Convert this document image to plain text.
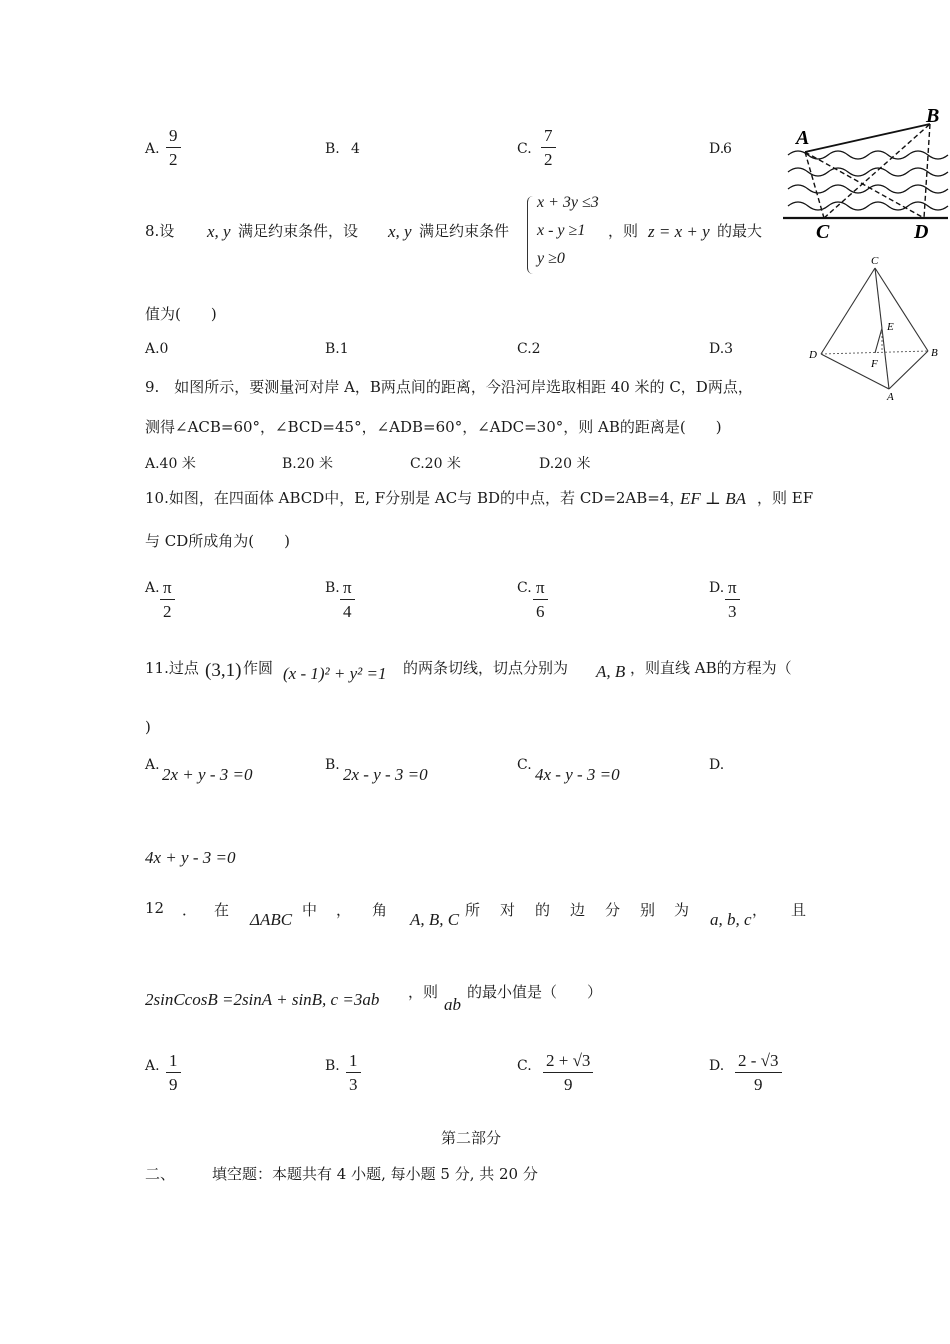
A. $\frac{9}{2}$	B. 4	C. $\frac{7}{2}$	D.
6
8.设 x, y 满足约束条件，设 x, y 满足约束条件
x + 3y ≤3
x - y ≥1
y ≥0
，则 z = x + y 的最大
值为(　　)
A.0	B.1	C.2	D.3
9.　如图所示，要测量河对岸 A，B两点间的距离，今沿河岸选取相距 40 米的 C，D两点，
测得∠ACB=60°，∠BCD=45°，∠ADB=60°，∠ADC=30°，则 AB的距离是(　　)
A.40 米	B.20 米	C.20 米	D.20 米
10.如图，在四面体 ABCD中，E, F分别是 AC与 BD的中点，若 CD=2AB=4，
EF ⊥ BA ，则 EF
与 CD所成角为(　　)
A. $\frac{\pi}{2}$	B. $\frac{\pi}{4}$	C. $\frac{\pi}{6}$	D. $\frac{\pi}{3}$
11.过点 (3,1) 作圆 (x - 1)² + y² =1 的两条切线，切点分别为 A, B ，则直线 AB的方程为（
)
A. 2x + y - 3 =0	B. 2x - y - 3 =0	C. 4x - y - 3 =0	D.
4x + y - 3 =0
12 ． 在 ΔABC 中 ， 角 A, B, C 所 对 的 边 分 别 为 a, b, c ， 且
2sinCcosB =2sinA + sinB, c =3ab ，则
ab
的最小值是（　　）
A. $\frac{1}{9}$	B. $\frac{1}{3}$	C. $\frac{2 + √3}{9}$	D. $\frac{2 - √3}{9}$
第二部分
二、 填空题：本题共有 4 小题, 每小题 5 分, 共 20 分
A
B
C	D
C
E
D
F
B
A
